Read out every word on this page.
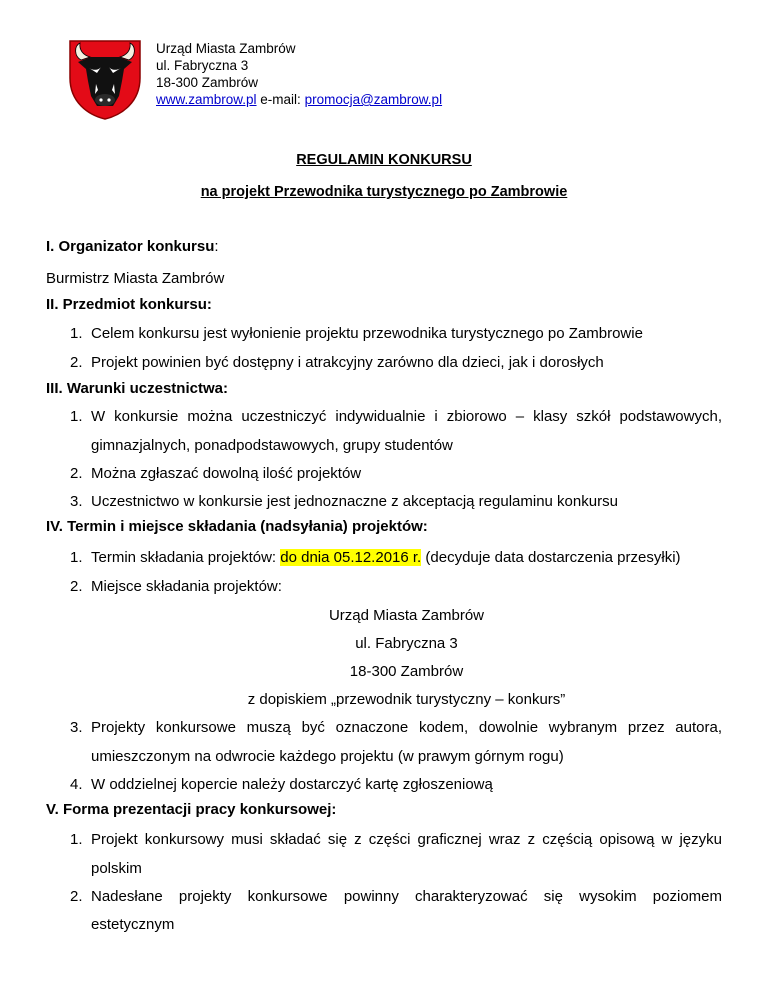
Urząd Miasta Zambrów
ul. Fabryczna 3
18-300 Zambrów
www.zambrow.pl e-mail: promocja@zambrow.pl
REGULAMIN KONKURSU
na projekt Przewodnika turystycznego po Zambrowie
I. Organizator konkursu:
Burmistrz Miasta Zambrów
II. Przedmiot konkursu:
1. Celem konkursu jest wyłonienie projektu przewodnika turystycznego po Zambrowie
2. Projekt powinien być dostępny i atrakcyjny zarówno dla dzieci, jak i dorosłych
III. Warunki uczestnictwa:
1. W konkursie można uczestniczyć indywidualnie i zbiorowo – klasy szkół podstawowych,
gimnazjalnych, ponadpodstawowych, grupy studentów
2. Można zgłaszać dowolną ilość projektów
3. Uczestnictwo w konkursie jest jednoznaczne z akceptacją regulaminu konkursu
IV. Termin i miejsce składania (nadsyłania) projektów:
1. Termin składania projektów: do dnia 05.12.2016 r. (decyduje data dostarczenia przesyłki)
2. Miejsce składania projektów:
Urząd Miasta Zambrów
ul. Fabryczna 3
18-300 Zambrów
z dopiskiem „przewodnik turystyczny – konkurs”
3. Projekty konkursowe muszą być oznaczone kodem, dowolnie wybranym przez autora,
umieszczonym na odwrocie każdego projektu (w prawym górnym rogu)
4. W oddzielnej kopercie należy dostarczyć kartę zgłoszeniową
V. Forma prezentacji pracy konkursowej:
1. Projekt konkursowy musi składać się z części graficznej wraz z częścią opisową w języku
polskim
2. Nadesłane projekty konkursowe powinny charakteryzować się wysokim poziomem
estetycznym
